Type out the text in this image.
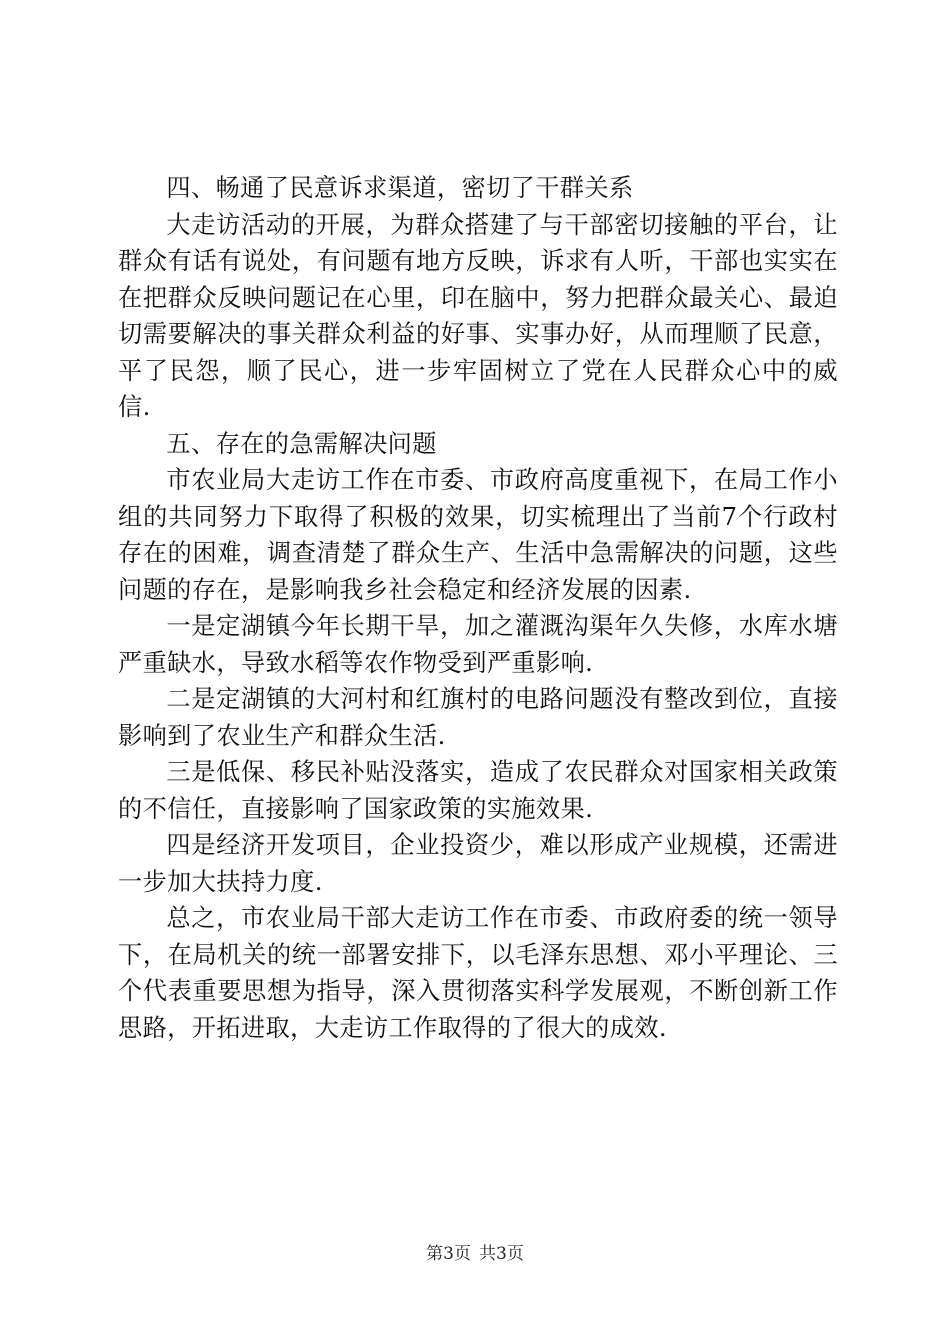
四、畅通了民意诉求渠道，密切了干群关系

大走访活动的开展，为群众搭建了与干部密切接触的平台，让群众有话有说处，有问题有地方反映，诉求有人听，干部也实实在在把群众反映问题记在心里，印在脑中，努力把群众最关心、最迫切需要解决的事关群众利益的好事、实事办好，从而理顺了民意，平了民怨，顺了民心，进一步牢固树立了党在人民群众心中的威信.

五、存在的急需解决问题

市农业局大走访工作在市委、市政府高度重视下，在局工作小组的共同努力下取得了积极的效果，切实梳理出了当前7个行政村存在的困难，调查清楚了群众生产、生活中急需解决的问题，这些问题的存在，是影响我乡社会稳定和经济发展的因素.

一是定湖镇今年长期干旱，加之灌溉沟渠年久失修，水库水塘严重缺水，导致水稻等农作物受到严重影响.

二是定湖镇的大河村和红旗村的电路问题没有整改到位，直接影响到了农业生产和群众生活.

三是低保、移民补贴没落实，造成了农民群众对国家相关政策的不信任，直接影响了国家政策的实施效果.

四是经济开发项目，企业投资少，难以形成产业规模，还需进一步加大扶持力度.

总之，市农业局干部大走访工作在市委、市政府委的统一领导下，在局机关的统一部署安排下，以毛泽东思想、邓小平理论、三个代表重要思想为指导，深入贯彻落实科学发展观，不断创新工作思路，开拓进取，大走访工作取得的了很大的成效.

第3页 共3页
